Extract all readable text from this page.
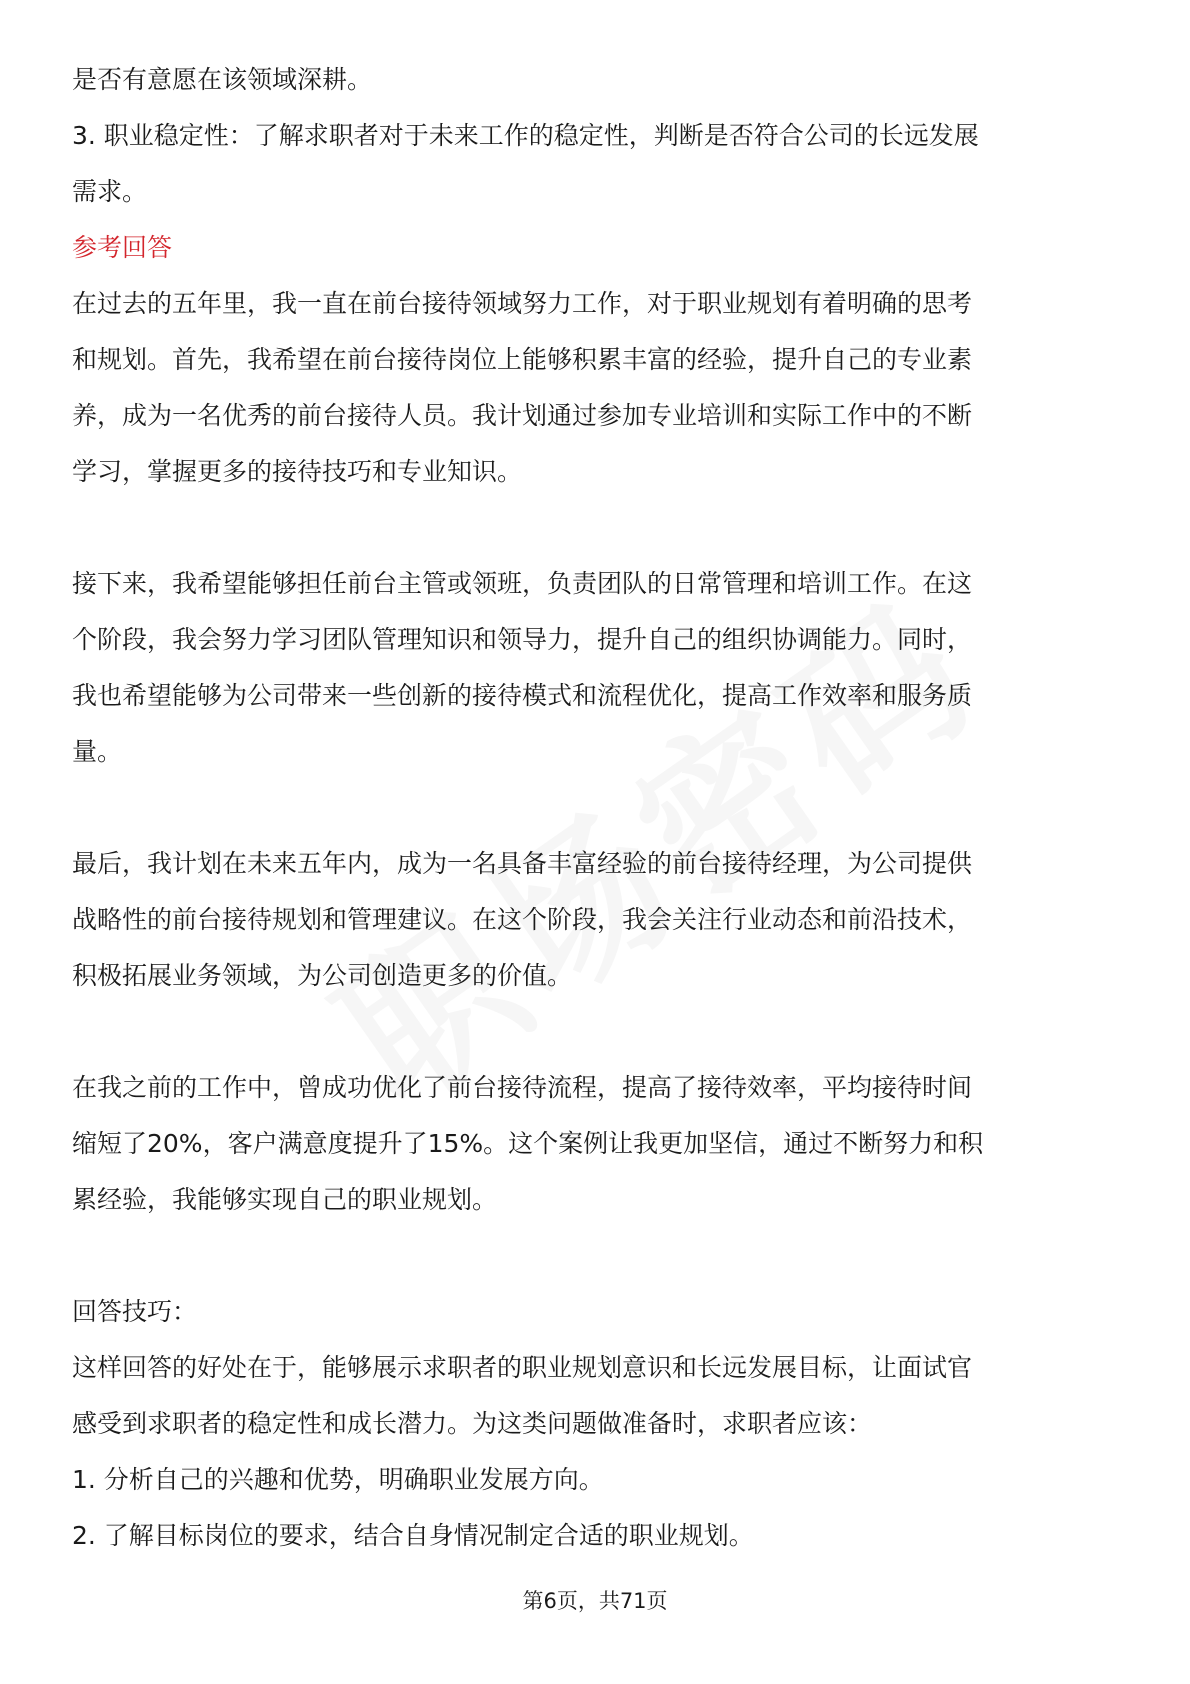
是否有意愿在该领域深耕。

3. 职业稳定性：了解求职者对于未来工作的稳定性，判断是否符合公司的长远发展

需求。

参考回答

在过去的五年里，我一直在前台接待领域努力工作，对于职业规划有着明确的思考

和规划。首先，我希望在前台接待岗位上能够积累丰富的经验，提升自己的专业素

养，成为一名优秀的前台接待人员。我计划通过参加专业培训和实际工作中的不断

学习，掌握更多的接待技巧和专业知识。

接下来，我希望能够担任前台主管或领班，负责团队的日常管理和培训工作。在这

个阶段，我会努力学习团队管理知识和领导力，提升自己的组织协调能力。同时，

我也希望能够为公司带来一些创新的接待模式和流程优化，提高工作效率和服务质

量。

最后，我计划在未来五年内，成为一名具备丰富经验的前台接待经理，为公司提供

战略性的前台接待规划和管理建议。在这个阶段，我会关注行业动态和前沿技术，

积极拓展业务领域，为公司创造更多的价值。

在我之前的工作中，曾成功优化了前台接待流程，提高了接待效率，平均接待时间

缩短了20%，客户满意度提升了15%。这个案例让我更加坚信，通过不断努力和积

累经验，我能够实现自己的职业规划。

回答技巧：

这样回答的好处在于，能够展示求职者的职业规划意识和长远发展目标，让面试官

感受到求职者的稳定性和成长潜力。为这类问题做准备时，求职者应该：

1. 分析自己的兴趣和优势，明确职业发展方向。

2. 了解目标岗位的要求，结合自身情况制定合适的职业规划。

第6页，共71页
